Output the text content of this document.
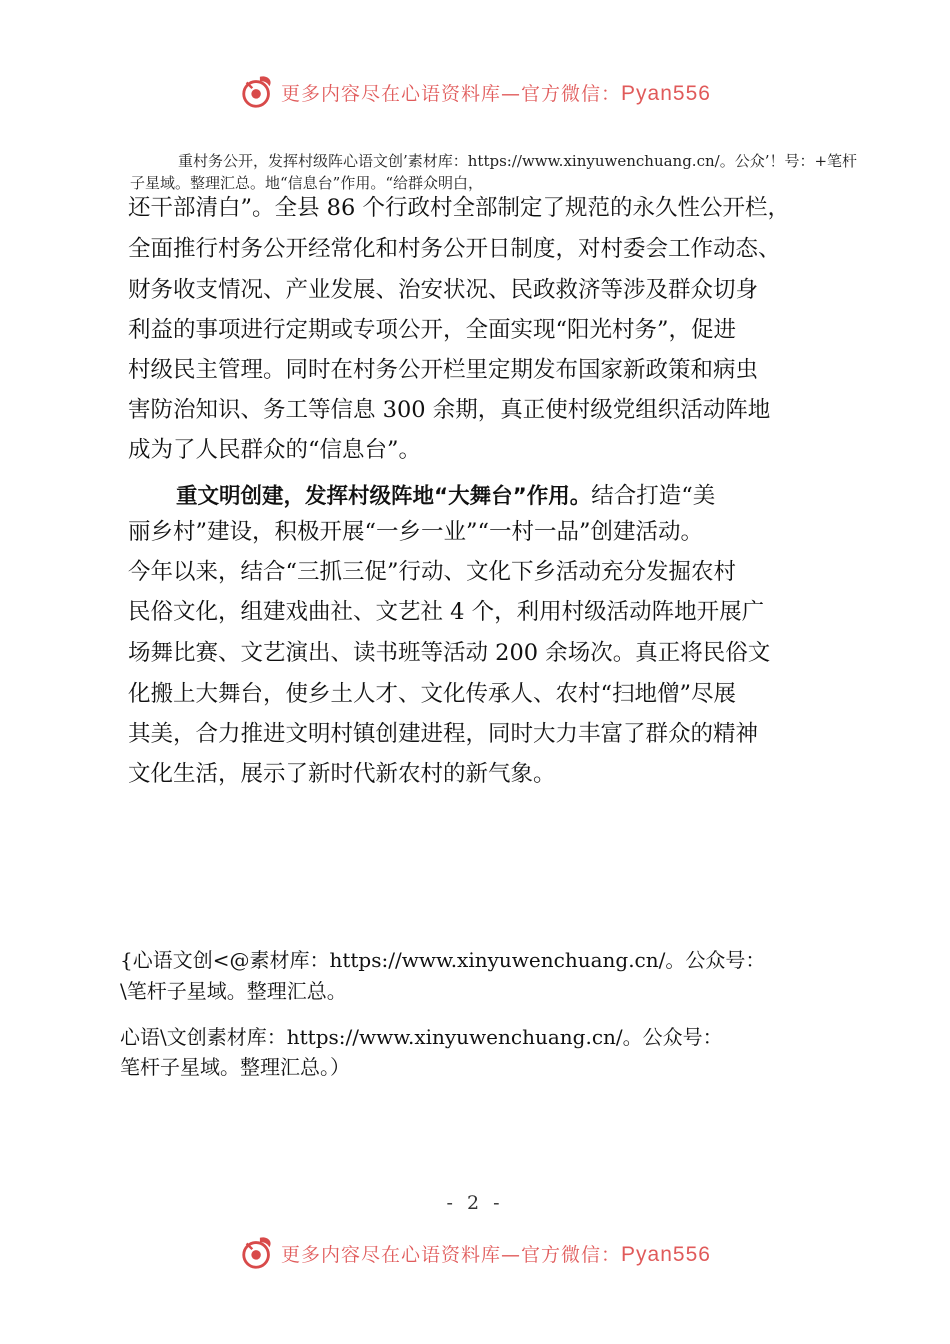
更多内容尽在心语资料库—官方微信：Pyan556
重村务公开，发挥村级阵心语文创’素材库：https://www.xinyuwenchuang.cn/。公众’！号：+笔杆子星域。整理汇总。地“信息台”作用。“给群众明白，
还干部清白”。全县 86 个行政村全部制定了规范的永久性公开栏，
全面推行村务公开经常化和村务公开日制度，对村委会工作动态、
财务收支情况、产业发展、治安状况、民政救济等涉及群众切身
利益的事项进行定期或专项公开，全面实现“阳光村务”，促进
村级民主管理。同时在村务公开栏里定期发布国家新政策和病虫
害防治知识、务工等信息 300 余期，真正使村级党组织活动阵地
成为了人民群众的“信息台”。
重文明创建，发挥村级阵地“大舞台”作用。结合打造“美
丽乡村”建设，积极开展“一乡一业”“一村一品”创建活动。
今年以来，结合“三抓三促”行动、文化下乡活动充分发掘农村
民俗文化，组建戏曲社、文艺社 4 个，利用村级活动阵地开展广
场舞比赛、文艺演出、读书班等活动 200 余场次。真正将民俗文
化搬上大舞台，使乡土人才、文化传承人、农村“扫地僧”尽展
其美，合力推进文明村镇创建进程，同时大力丰富了群众的精神
文化生活，展示了新时代新农村的新气象。
{心语文创<@素材库：https://www.xinyuwenchuang.cn/。公众号：
\笔杆子星域。整理汇总。
心语\文创素材库：https://www.xinyuwenchuang.cn/。公众号：
笔杆子星域。整理汇总。）
- 2 -
更多内容尽在心语资料库—官方微信：Pyan556
